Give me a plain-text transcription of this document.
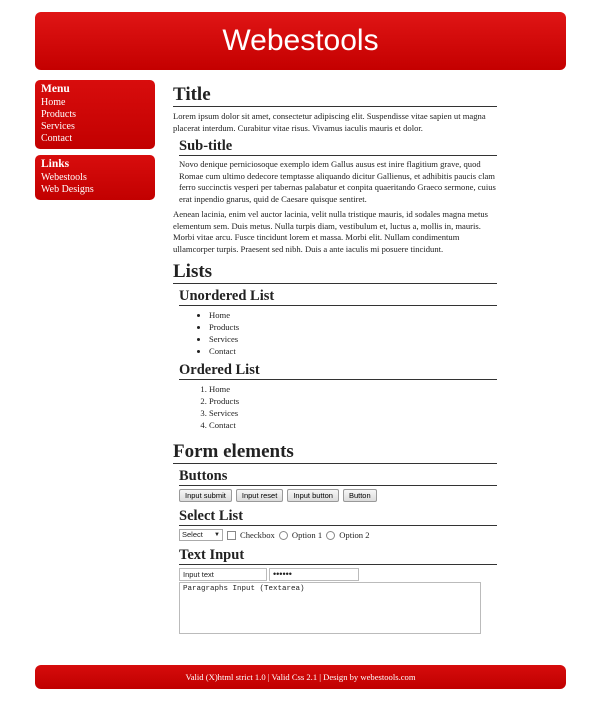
Webestools
Menu
Home
Products
Services
Contact
Links
Webestools
Web Designs
Title

Lorem ipsum dolor sit amet, consectetur adipiscing elit. Suspendisse vitae sapien ut magna placerat interdum. Curabitur vitae risus. Vivamus iaculis mauris et dolor.

Sub-title

Novo denique perniciosoque exemplo idem Gallus ausus est inire flagitium grave, quod Romae cum ultimo dedecore temptasse aliquando dicitur Gallienus, et adhibitis paucis clam ferro succinctis vesperi per tabernas palabatur et conpita quaeritando Graeco sermone, cuius erat inpendio gnarus, quid de Caesare quisque sentiret.

Aenean lacinia, enim vel auctor lacinia, velit nulla tristique mauris, id sodales magna metus elementum sem. Duis metus. Nulla turpis diam, vestibulum et, luctus a, mollis in, mauris. Morbi vitae arcu. Fusce tincidunt lorem et massa. Morbi elit. Nullam condimentum ullamcorper turpis. Praesent sed nibh. Duis a ante iaculis mi posuere tincidunt.

Lists
Unordered List
• Home
• Products
• Services
• Contact
Ordered List
1. Home
2. Products
3. Services
4. Contact
Form elements
Buttons
Input submit	Input reset	Input button	Button
Select List
Select ▼ Checkbox Option 1 Option 2
Text Input
Input text	••••••
Paragraphs Input (Textarea)
Valid (X)html strict 1.0 | Valid Css 2.1 | Design by webestools.com
